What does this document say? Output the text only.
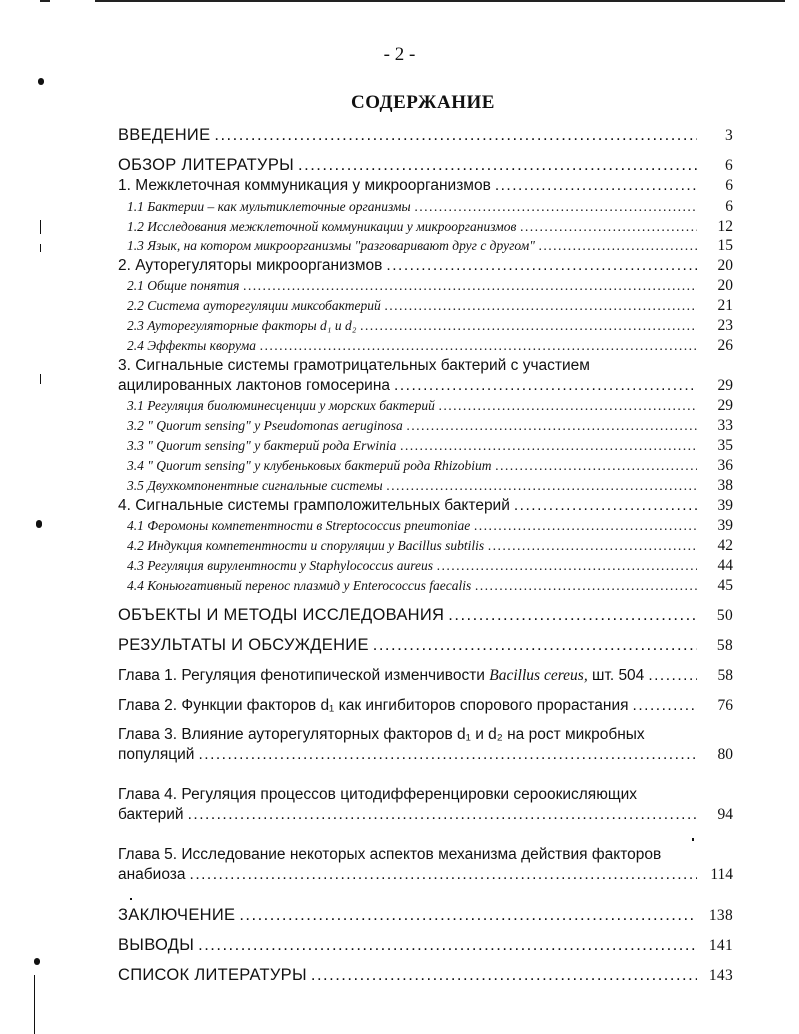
- 2 -
СОДЕРЖАНИЕ
ВВЕДЕНИЕ .....	3
ОБЗОР ЛИТЕРАТУРЫ .....	6
1. Межклеточная коммуникация у микроорганизмов .....	6
1.1 Бактерии – как мультиклеточные организмы .....	6
1.2 Исследования межклеточной коммуникации у микроорганизмов .....	12
1.3 Язык, на котором микроорганизмы "разговаривают друг с другом" .....	15
2. Ауторегуляторы микроорганизмов .....	20
2.1 Общие понятия .....	20
2.2 Система ауторегуляции миксобактерий .....	21
2.3 Ауторегуляторные факторы d₁ и d₂ .....	23
2.4 Эффекты кворума .....	26
3. Сигнальные системы грамотрицательных бактерий с участием
ацилированных лактонов гомосерина .....	29
3.1 Регуляция биолюминесценции у морских бактерий .....	29
3.2 " Quorum sensing" у Pseudomonas aeruginosa .....	33
3.3 " Quorum sensing" у бактерий рода Erwinia .....	35
3.4 " Quorum sensing" у клубеньковых бактерий рода Rhizobium .....	36
3.5 Двухкомпонентные сигнальные системы .....	38
4. Сигнальные системы грамположительных бактерий .....	39
4.1 Феромоны компетентности в Streptococcus pneumoniae .....	39
4.2 Индукция компетентности и споруляции у Bacillus subtilis .....	42
4.3 Регуляция вирулентности у Staphylococcus aureus .....	44
4.4 Коньюгативный перенос плазмид у Enterococcus faecalis .....	45
ОБЪЕКТЫ И МЕТОДЫ ИССЛЕДОВАНИЯ .....	50
РЕЗУЛЬТАТЫ И ОБСУЖДЕНИЕ .....	58
Глава 1. Регуляция фенотипической изменчивости Bacillus cereus, шт. 504 .....	58
Глава 2. Функции факторов d₁ как ингибиторов спорового прорастания .....	76
Глава 3. Влияние ауторегуляторных факторов d₁ и d₂ на рост микробных
популяций .....	80
Глава 4. Регуляция процессов цитодифференцировки сероокисляющих
бактерий .....	94
Глава 5. Исследование некоторых аспектов механизма действия факторов
анабиоза .....	114
ЗАКЛЮЧЕНИЕ .....	138
ВЫВОДЫ .....	141
СПИСОК ЛИТЕРАТУРЫ .....	143
